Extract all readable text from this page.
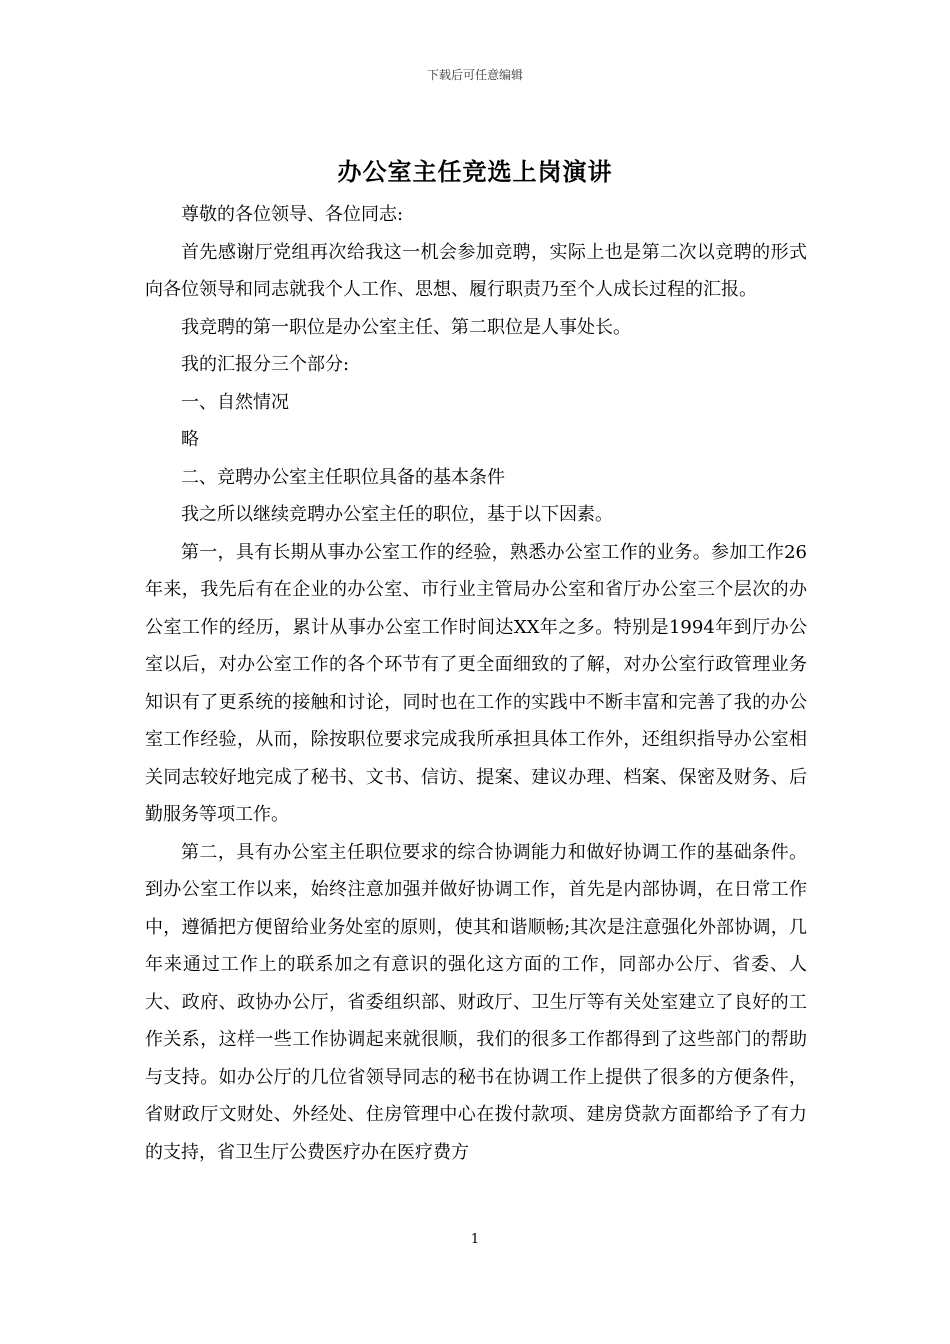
下载后可任意编辑
办公室主任竞选上岗演讲

尊敬的各位领导、各位同志:

首先感谢厅党组再次给我这一机会参加竞聘，实际上也是第二次以竞聘的形式向各位领导和同志就我个人工作、思想、履行职责乃至个人成长过程的汇报。

我竞聘的第一职位是办公室主任、第二职位是人事处长。

我的汇报分三个部分:

一、自然情况

略

二、竞聘办公室主任职位具备的基本条件

我之所以继续竞聘办公室主任的职位，基于以下因素。

第一，具有长期从事办公室工作的经验，熟悉办公室工作的业务。参加工作26年来，我先后有在企业的办公室、市行业主管局办公室和省厅办公室三个层次的办公室工作的经历，累计从事办公室工作时间达XX年之多。特别是1994年到厅办公室以后，对办公室工作的各个环节有了更全面细致的了解，对办公室行政管理业务知识有了更系统的接触和讨论，同时也在工作的实践中不断丰富和完善了我的办公室工作经验，从而，除按职位要求完成我所承担具体工作外，还组织指导办公室相关同志较好地完成了秘书、文书、信访、提案、建议办理、档案、保密及财务、后勤服务等项工作。

第二，具有办公室主任职位要求的综合协调能力和做好协调工作的基础条件。到办公室工作以来，始终注意加强并做好协调工作，首先是内部协调，在日常工作中，遵循把方便留给业务处室的原则，使其和谐顺畅;其次是注意强化外部协调，几年来通过工作上的联系加之有意识的强化这方面的工作，同部办公厅、省委、人大、政府、政协办公厅，省委组织部、财政厅、卫生厅等有关处室建立了良好的工作关系，这样一些工作协调起来就很顺，我们的很多工作都得到了这些部门的帮助与支持。如办公厅的几位省领导同志的秘书在协调工作上提供了很多的方便条件，省财政厅文财处、外经处、住房管理中心在拨付款项、建房贷款方面都给予了有力的支持，省卫生厅公费医疗办在医疗费方

1
